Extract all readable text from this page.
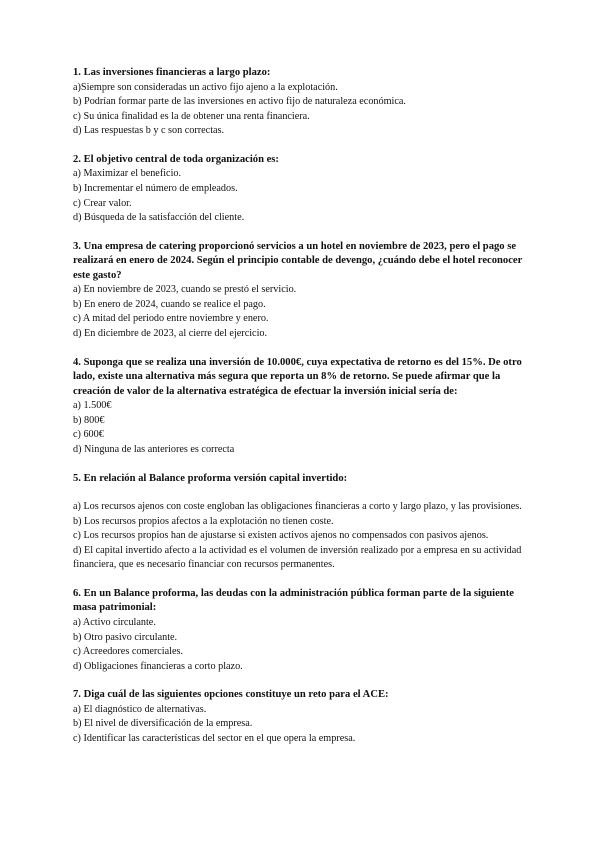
1. Las inversiones financieras a largo plazo:

a)Siempre son consideradas un activo fijo ajeno a la explotación.

b) Podrían formar parte de las inversiones en activo fijo de naturaleza económica.

c) Su única finalidad es la de obtener una renta financiera.

d) Las respuestas b y c son correctas.

2. El objetivo central de toda organización es:

a) Maximizar el beneficio.

b) Incrementar el número de empleados.

c) Crear valor.

d) Búsqueda de la satisfacción del cliente.

3. Una empresa de catering proporcionó servicios a un hotel en noviembre de 2023, pero el pago se realizará en enero de 2024. Según el principio contable de devengo, ¿cuándo debe el hotel reconocer este gasto?

a) En noviembre de 2023, cuando se prestó el servicio.

b) En enero de 2024, cuando se realice el pago.

c) A mitad del periodo entre noviembre y enero.

d) En diciembre de 2023, al cierre del ejercicio.

4. Suponga que se realiza una inversión de 10.000€, cuya expectativa de retorno es del 15%. De otro lado, existe una alternativa más segura que reporta un 8% de retorno. Se puede afirmar que la creación de valor de la alternativa estratégica de efectuar la inversión inicial sería de:

a) 1.500€

b) 800€

c) 600€

d) Ninguna de las anteriores es correcta

5. En relación al Balance proforma versión capital invertido:

a) Los recursos ajenos con coste engloban las obligaciones financieras a corto y largo plazo, y las provisiones.

b) Los recursos propios afectos a la explotación no tienen coste.

c) Los recursos propios han de ajustarse si existen activos ajenos no compensados con pasivos ajenos.

d) El capital invertido afecto a la actividad es el volumen de inversión realizado por a empresa en su actividad financiera, que es necesario financiar con recursos permanentes.

6. En un Balance proforma, las deudas con la administración pública forman parte de la siguiente masa patrimonial:

a) Activo circulante.

b) Otro pasivo circulante.

c) Acreedores comerciales.

d) Obligaciones financieras a corto plazo.

7. Diga cuál de las siguientes opciones constituye un reto para el ACE:

a) El diagnóstico de alternativas.

b) El nivel de diversificación de la empresa.

c) Identificar las características del sector en el que opera la empresa.
